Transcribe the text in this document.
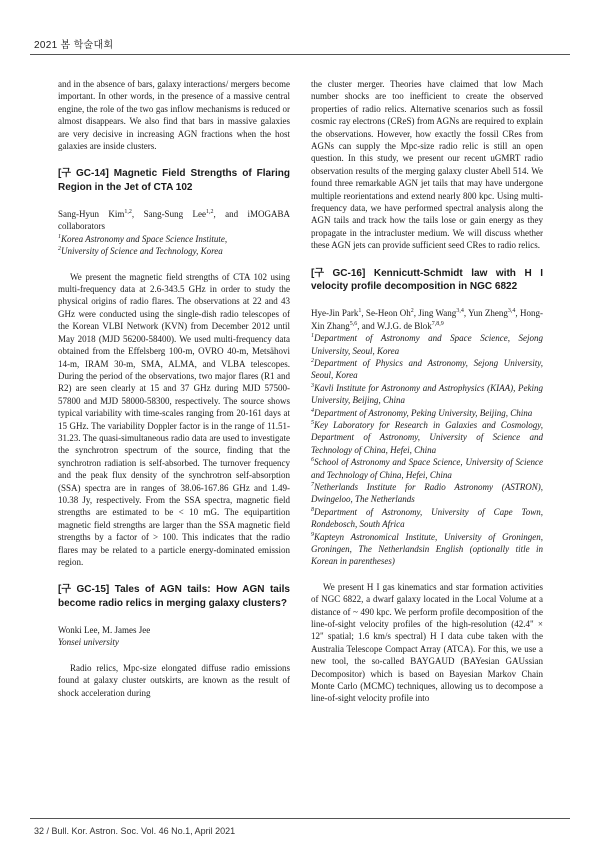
2021 봄 학술대회

and in the absence of bars, galaxy interactions/ mergers become important. In other words, in the presence of a massive central engine, the role of the two gas inflow mechanisms is reduced or almost disappears. We also find that bars in massive galaxies are very decisive in increasing AGN fractions when the host galaxies are inside clusters.

[구 GC-14] Magnetic Field Strengths of Flaring Region in the Jet of CTA 102

Sang-Hyun Kim$^{1,2}$, Sang-Sung Lee$^{1,2}$, and iMOGABA collaborators

$^1$Korea Astronomy and Space Science Institute,

$^2$University of Science and Technology, Korea

We present the magnetic field strengths of CTA 102 using multi-frequency data at 2.6-343.5 GHz in order to study the physical origins of radio flares. The observations at 22 and 43 GHz were conducted using the single-dish radio telescopes of the Korean VLBI Network (KVN) from December 2012 until May 2018 (MJD 56200-58400). We used multi-frequency data obtained from the Effelsberg 100-m, OVRO 40-m, Metsähovi 14-m, IRAM 30-m, SMA, ALMA, and VLBA telescopes. During the period of the observations, two major flares (R1 and R2) are seen clearly at 15 and 37 GHz during MJD 57500-57800 and MJD 58000-58300, respectively. The source shows typical variability with time-scales ranging from 20-161 days at 15 GHz. The variability Doppler factor is in the range of 11.51-31.23. The quasi-simultaneous radio data are used to investigate the synchrotron spectrum of the source, finding that the synchrotron radiation is self-absorbed. The turnover frequency and the peak flux density of the synchrotron self-absorption (SSA) spectra are in ranges of 38.06-167.86 GHz and 1.49-10.38 Jy, respectively. From the SSA spectra, magnetic field strengths are estimated to be < 10 mG. The equipartition magnetic field strengths are larger than the SSA magnetic field strengths by a factor of > 100. This indicates that the radio flares may be related to a particle energy-dominated emission region.

[구 GC-15] Tales of AGN tails: How AGN tails become radio relics in merging galaxy clusters?

Wonki Lee, M. James Jee

Yonsei university

Radio relics, Mpc-size elongated diffuse radio emissions found at galaxy cluster outskirts, are known as the result of shock acceleration during

the cluster merger. Theories have claimed that low Mach number shocks are too inefficient to create the observed properties of radio relics. Alternative scenarios such as fossil cosmic ray electrons (CReS) from AGNs are required to explain the observations. However, how exactly the fossil CRes from AGNs can supply the Mpc-size radio relic is still an open question. In this study, we present our recent uGMRT radio observation results of the merging galaxy cluster Abell 514. We found three remarkable AGN jet tails that may have undergone multiple reorientations and extend nearly 800 kpc. Using multi-frequency data, we have performed spectral analysis along the AGN tails and track how the tails lose or gain energy as they propagate in the intracluster medium. We will discuss whether these AGN jets can provide sufficient seed CRes to radio relics.

[구 GC-16] Kennicutt-Schmidt law with H I velocity profile decomposition in NGC 6822

Hye-Jin Park$^1$, Se-Heon Oh$^2$, Jing Wang$^{3,4}$, Yun Zheng$^{3,4}$, Hong-Xin Zhang$^{5,6}$, and W.J.G. de Blok$^{7,8,9}$

$^1$Department of Astronomy and Space Science, Sejong University, Seoul, Korea

$^2$Department of Physics and Astronomy, Sejong University, Seoul, Korea

$^3$Kavli Institute for Astronomy and Astrophysics (KIAA), Peking University, Beijing, China

$^4$Department of Astronomy, Peking University, Beijing, China

$^5$Key Laboratory for Research in Galaxies and Cosmology, Department of Astronomy, University of Science and Technology of China, Hefei, China

$^6$School of Astronomy and Space Science, University of Science and Technology of China, Hefei, China

$^7$Netherlands Institute for Radio Astronomy (ASTRON), Dwingeloo, The Netherlands

$^8$Department of Astronomy, University of Cape Town, Rondebosch, South Africa

$^9$Kapteyn Astronomical Institute, University of Groningen, Groningen, The Netherlandsin English (optionally title in Korean in parentheses)

We present H I gas kinematics and star formation activities of NGC 6822, a dwarf galaxy located in the Local Volume at a distance of ~ 490 kpc. We perform profile decomposition of the line-of-sight velocity profiles of the high-resolution (42.4" × 12" spatial; 1.6 km/s spectral) H I data cube taken with the Australia Telescope Compact Array (ATCA). For this, we use a new tool, the so-called BAYGAUD (BAYesian GAUssian Decompositor) which is based on Bayesian Markov Chain Monte Carlo (MCMC) techniques, allowing us to decompose a line-of-sight velocity profile into

32 / Bull. Kor. Astron. Soc. Vol. 46 No.1, April 2021
